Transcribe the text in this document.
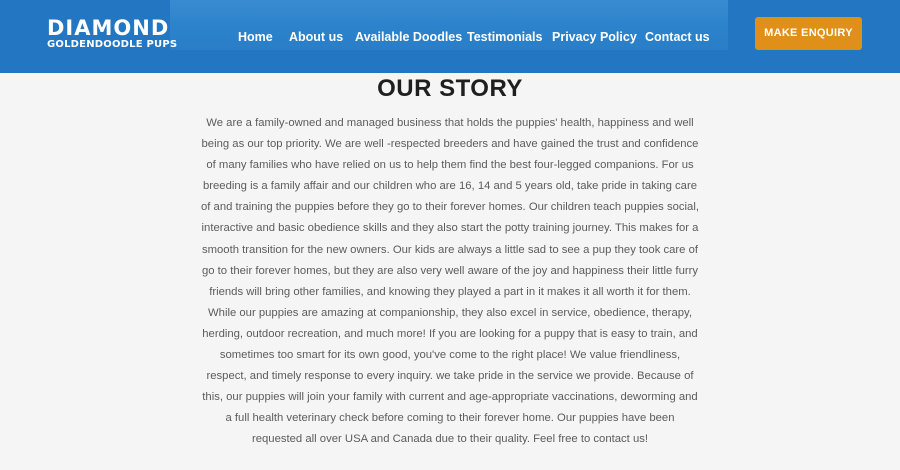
DIAMOND
GOLDENDOODLE PUPS
Home About us Available Doodles Testimonials Privacy Policy Contact us	MAKE ENQUIRY
OUR STORY

We are a family-owned and managed business that holds the puppies' health, happiness and well being as our top priority. We are well -respected breeders and have gained the trust and confidence of many families who have relied on us to help them find the best four-legged companions. For us breeding is a family affair and our children who are 16, 14 and 5 years old, take pride in taking care of and training the puppies before they go to their forever homes. Our children teach puppies social, interactive and basic obedience skills and they also start the potty training journey. This makes for a smooth transition for the new owners. Our kids are always a little sad to see a pup they took care of go to their forever homes, but they are also very well aware of the joy and happiness their little furry friends will bring other families, and knowing they played a part in it makes it all worth it for them. While our puppies are amazing at companionship, they also excel in service, obedience, therapy, herding, outdoor recreation, and much more! If you are looking for a puppy that is easy to train, and sometimes too smart for its own good, you've come to the right place! We value friendliness, respect, and timely response to every inquiry. we take pride in the service we provide. Because of this, our puppies will join your family with current and age-appropriate vaccinations, deworming and a full health veterinary check before coming to their forever home. Our puppies have been requested all over USA and Canada due to their quality. Feel free to contact us!
